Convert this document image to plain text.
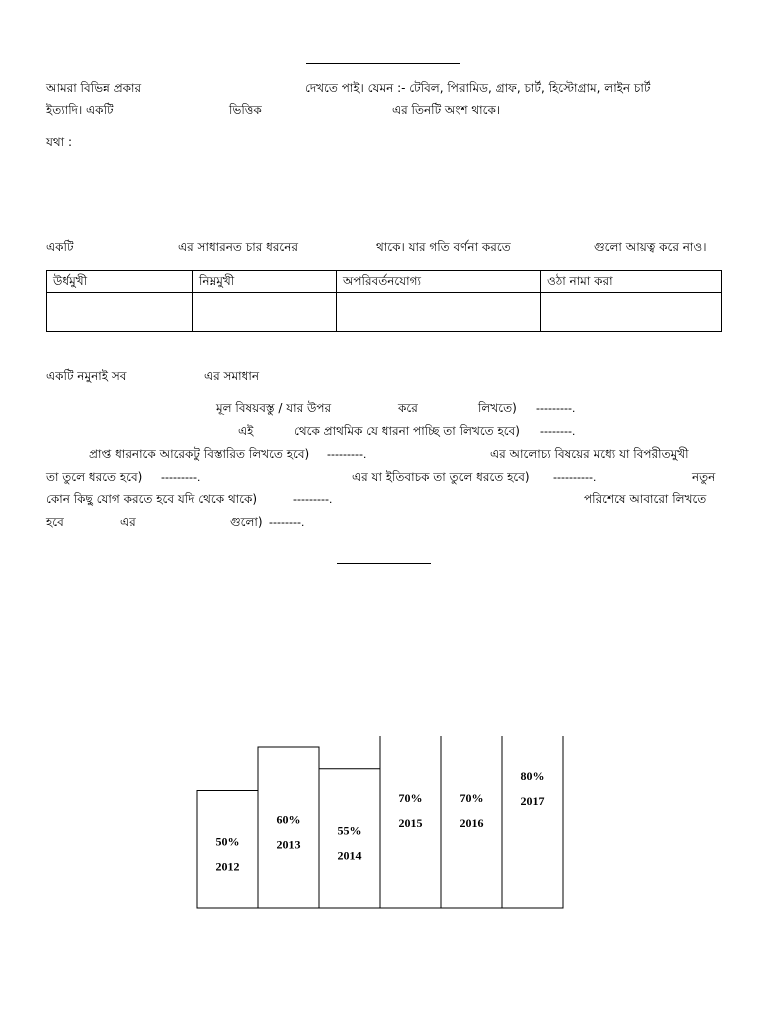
আমরা বিভিন্ন প্রকার	দেখতে পাই। যেমন :- টেবিল, পিরামিড, গ্রাফ, চার্ট, হিস্টোগ্রাম, লাইন চার্ট
ইত্যাদি। একটি	ভিত্তিক	এর তিনটি অংশ থাকে।
যথা :
একটি	এর সাধারনত চার ধরনের	থাকে। যার গতি বর্ণনা করতে	গুলো আয়ত্ব করে নাও।
উর্ধমুখী	নিম্নমুখী	অপরিবর্তনযোগ্য	ওঠা নামা করা

একটি নমুনাই সব	এর সমাধান
মূল বিষয়বস্তু / যার উপর	করে	লিখতে) ---------.
এই	থেকে প্রাথমিক যে ধারনা পাচ্ছি তা লিখতে হবে) --------.
প্রাপ্ত ধারনাকে আরেকটু বিস্তারিত লিখতে হবে) ---------.	এর আলোচ্য বিষয়ের মধ্যে যা বিপরীতমুখী
তা তুলে ধরতে হবে) ---------.	এর যা ইতিবাচক তা তুলে ধরতে হবে) ----------.	নতুন
কোন কিছু যোগ করতে হবে যদি থেকে থাকে)	---------.	পরিশেষে আবারো লিখতে
হবে	এর	গুলো) --------.
50%
2012
60%
2013
55%
2014
70%
2015
70%
2016
80%
2017
